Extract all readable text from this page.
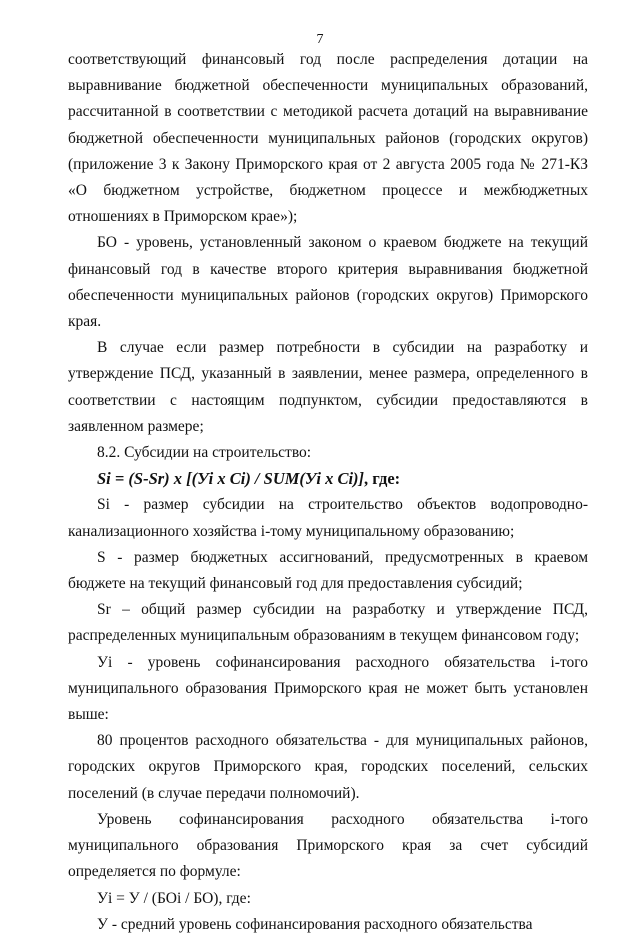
7

соответствующий финансовый год после распределения дотации на выравнивание бюджетной обеспеченности муниципальных образований, рассчитанной в соответствии с методикой расчета дотаций на выравнивание бюджетной обеспеченности муниципальных районов (городских округов) (приложение 3 к Закону Приморского края от 2 августа 2005 года № 271-КЗ «О бюджетном устройстве, бюджетном процессе и межбюджетных отношениях в Приморском крае»);

БО - уровень, установленный законом о краевом бюджете на текущий финансовый год в качестве второго критерия выравнивания бюджетной обеспеченности муниципальных районов (городских округов) Приморского края.

В случае если размер потребности в субсидии на разработку и утверждение ПСД, указанный в заявлении, менее размера, определенного в соответствии с настоящим подпунктом, субсидии предоставляются в заявленном размере;

8.2. Субсидии на строительство:

Si = (S-Sr) x [(Уi x Ci) / SUM(Уi x Ci)], где:

Si - размер субсидии на строительство объектов водопроводно-канализационного хозяйства i-тому муниципальному образованию;

S - размер бюджетных ассигнований, предусмотренных в краевом бюджете на текущий финансовый год для предоставления субсидий;

Sr – общий размер субсидии на разработку и утверждение ПСД, распределенных муниципальным образованиям в текущем финансовом году;

Уi - уровень софинансирования расходного обязательства i-того муниципального образования Приморского края не может быть установлен выше:

80 процентов расходного обязательства - для муниципальных районов, городских округов Приморского края, городских поселений, сельских поселений (в случае передачи полномочий).

Уровень софинансирования расходного обязательства i-того муниципального образования Приморского края за счет субсидий определяется по формуле:

Уi = У / (БОi / БО), где:

У - средний уровень софинансирования расходного обязательства
